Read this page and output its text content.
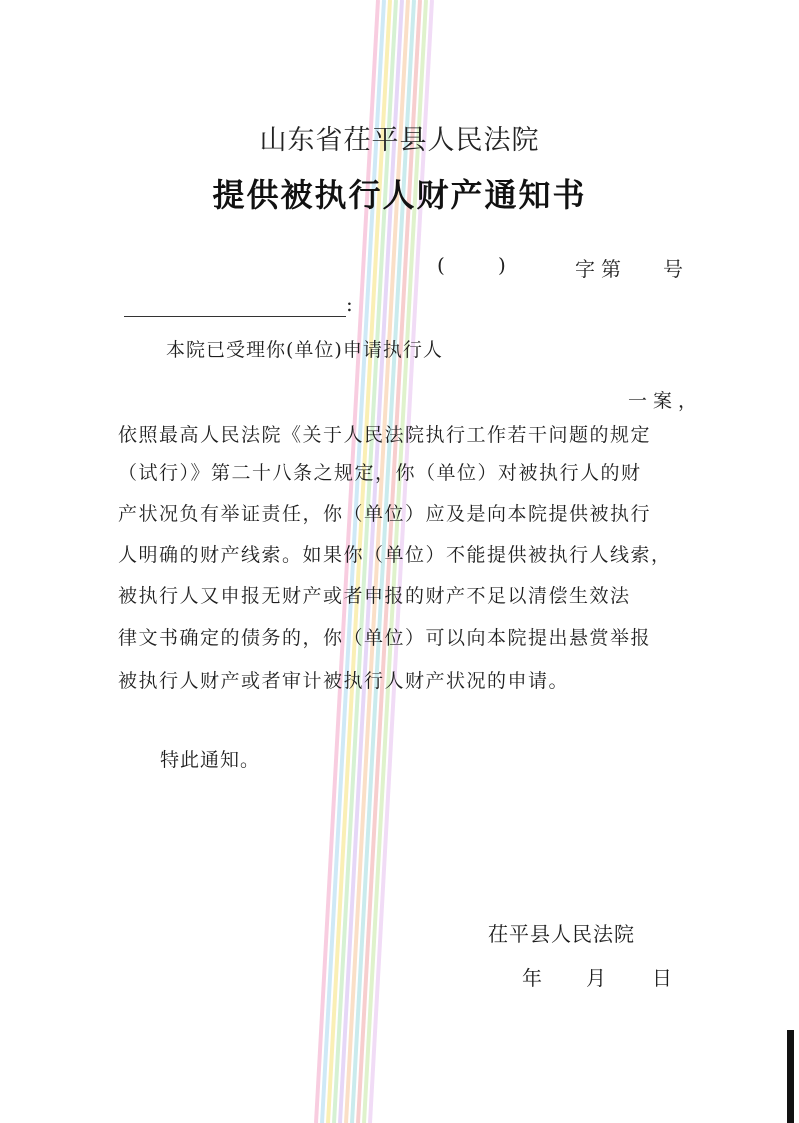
山东省茌平县人民法院
提供被执行人财产通知书
(	)	字第 号
:
本院已受理你(单位)申请执行人
一案，
依照最高人民法院《关于人民法院执行工作若干问题的规定
（试行）》第二十八条之规定，你（单位）对被执行人的财
产状况负有举证责任，你（单位）应及是向本院提供被执行
人明确的财产线索。如果你（单位）不能提供被执行人线索，
被执行人又申报无财产或者申报的财产不足以清偿生效法
律文书确定的债务的，你（单位）可以向本院提出悬赏举报
被执行人财产或者审计被执行人财产状况的申请。
特此通知。
茌平县人民法院
年 月 日
